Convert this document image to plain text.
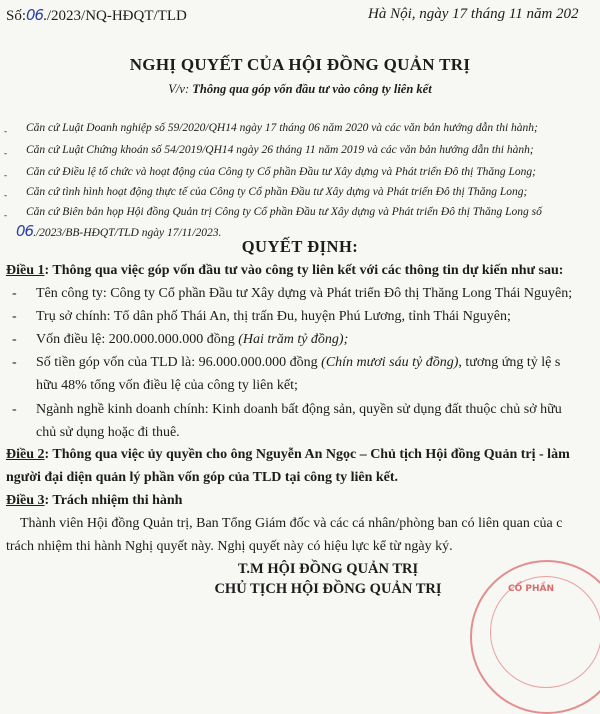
Số:06./2023/NQ-HĐQT/TLD	Hà Nội, ngày 17 tháng 11 năm 202
NGHỊ QUYẾT CỦA HỘI ĐỒNG QUẢN TRỊ
V/v: Thông qua góp vốn đầu tư vào công ty liên kết
- Căn cứ Luật Doanh nghiệp số 59/2020/QH14 ngày 17 tháng 06 năm 2020 và các văn bản hướng dẫn thi hành;
- Căn cứ Luật Chứng khoán số 54/2019/QH14 ngày 26 tháng 11 năm 2019 và các văn bản hướng dẫn thi hành;
- Căn cứ Điều lệ tổ chức và hoạt động của Công ty Cổ phần Đầu tư Xây dựng và Phát triển Đô thị Thăng Long;
- Căn cứ tình hình hoạt động thực tế của Công ty Cổ phần Đầu tư Xây dựng và Phát triển Đô thị Thăng Long;
- Căn cứ Biên bản họp Hội đồng Quản trị Công ty Cổ phần Đầu tư Xây dựng và Phát triển Đô thị Thăng Long số
06./2023/BB-HĐQT/TLD ngày 17/11/2023.
QUYẾT ĐỊNH:
Điều 1: Thông qua việc góp vốn đầu tư vào công ty liên kết với các thông tin dự kiến như sau:
- Tên công ty: Công ty Cổ phần Đầu tư Xây dựng và Phát triển Đô thị Thăng Long Thái Nguyên;
- Trụ sở chính: Tổ dân phố Thái An, thị trấn Đu, huyện Phú Lương, tỉnh Thái Nguyên;
- Vốn điều lệ: 200.000.000.000 đồng (Hai trăm tỷ đồng);
- Số tiền góp vốn của TLD là: 96.000.000.000 đồng (Chín mươi sáu tỷ đồng), tương ứng tỷ lệ s
hữu 48% tổng vốn điều lệ của công ty liên kết;
- Ngành nghề kinh doanh chính: Kinh doanh bất động sản, quyền sử dụng đất thuộc chủ sở hữu
chủ sử dụng hoặc đi thuê.
Điều 2: Thông qua việc ủy quyền cho ông Nguyễn An Ngọc – Chủ tịch Hội đồng Quản trị - làm
người đại diện quản lý phần vốn góp của TLD tại công ty liên kết.
Điều 3: Trách nhiệm thi hành
Thành viên Hội đồng Quản trị, Ban Tổng Giám đốc và các cá nhân/phòng ban có liên quan của c
trách nhiệm thi hành Nghị quyết này. Nghị quyết này có hiệu lực kể từ ngày ký.
T.M HỘI ĐỒNG QUẢN TRỊ
CHỦ TỊCH HỘI ĐỒNG QUẢN TRỊ	CỔ PHẦN
